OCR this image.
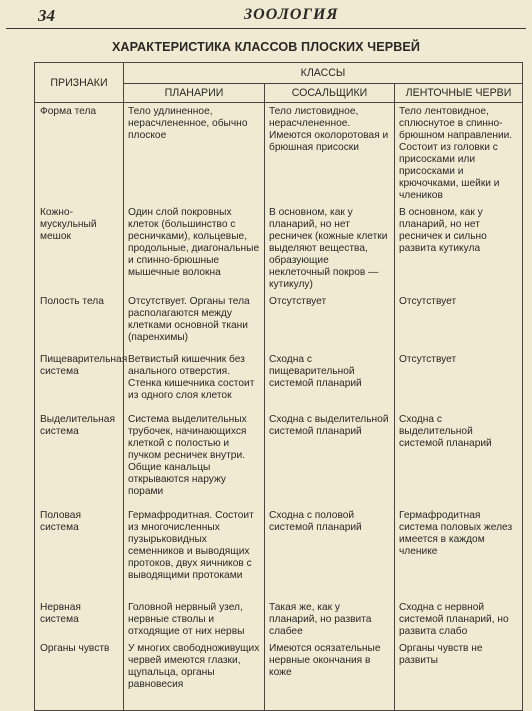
34	ЗООЛОГИЯ
ХАРАКТЕРИСТИКА КЛАССОВ ПЛОСКИХ ЧЕРВЕЙ
ПРИЗНАКИ	КЛАССЫ		
	ПЛАНАРИИ	СОСАЛЬЩИКИ	ЛЕНТОЧНЫЕ ЧЕРВИ
Форма тела	Тело удлиненное, нерасчлененное, обычно плоское	Тело листовидное, нерасчлененное. Имеются околоротовая и брюшная присоски	Тело лентовидное, сплюснутое в спинно-брюшном направлении. Состоит из головки с присосками или присосками и крючочками, шейки и члеников
Кожно-мускульный мешок	Один слой покровных клеток (большинство с ресничками), кольцевые, продольные, диагональные и спинно-брюшные мышечные волокна	В основном, как у планарий, но нет ресничек (кожные клетки выделяют вещества, образующие неклеточный покров — кутикулу)	В основном, как у планарий, но нет ресничек и сильно развита кутикула
Полость тела	Отсутствует. Органы тела располагаются между клетками основной ткани (паренхимы)	Отсутствует	Отсутствует
Пищеварительная система	Ветвистый кишечник без анального отверстия. Стенка кишечника состоит из одного слоя клеток	Сходна с пищеварительной системой планарий	Отсутствует
Выделительная система	Система выделительных трубочек, начинающихся клеткой с полостью и пучком ресничек внутри. Общие канальцы открываются наружу порами	Сходна с выделительной системой планарий	Сходна с выделительной системой планарий
Половая система	Гермафродитная. Состоит из многочисленных пузырьковидных семенников и выводящих протоков, двух яичников с выводящими протоками	Сходна с половой системой планарий	Гермафродитная система половых желез имеется в каждом членике
Нервная система	Головной нервный узел, нервные стволы и отходящие от них нервы	Такая же, как у планарий, но развита слабее	Сходна с нервной системой планарий, но развита слабо
Органы чувств	У многих свободноживущих червей имеются глазки, щупальца, органы равновесия	Имеются осязательные нервные окончания в коже	Органы чувств не развиты
